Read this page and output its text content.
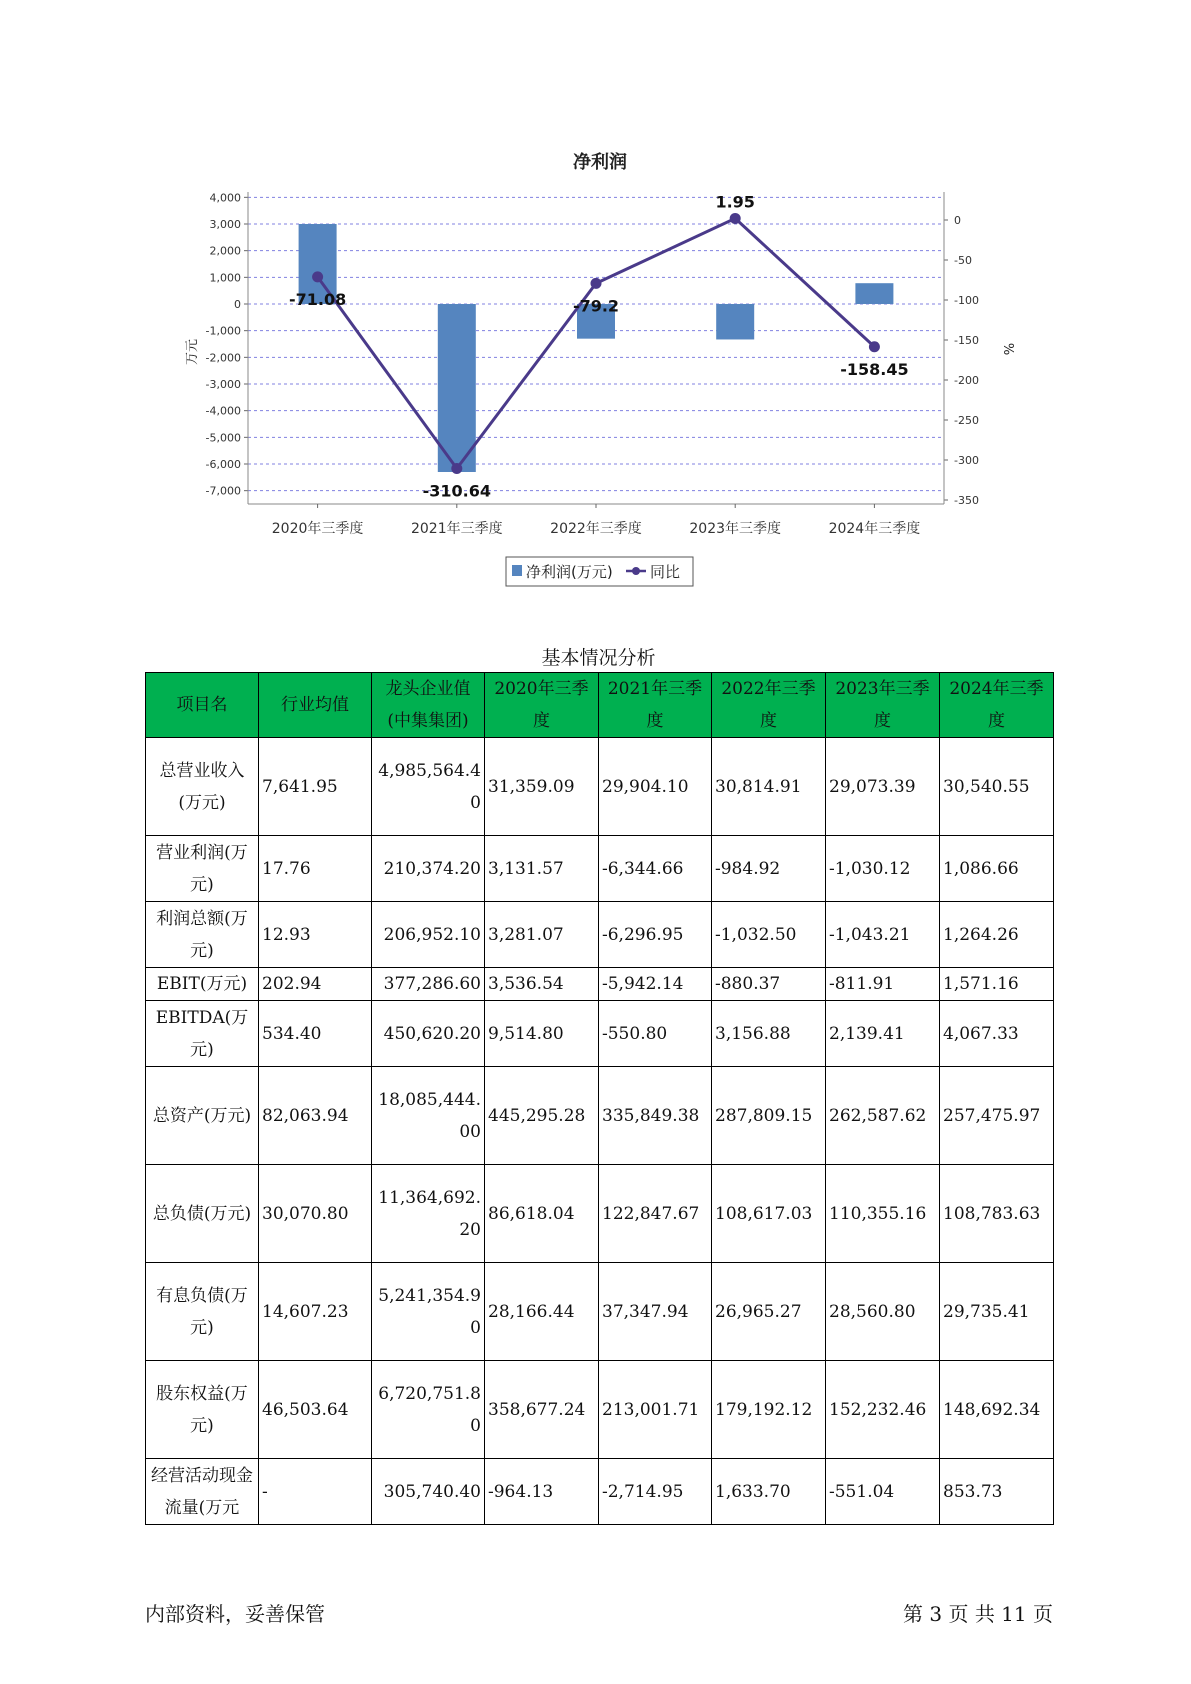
净利润
4,000
3,000
2,000
1,000
0
-1,000
-2,000
-3,000
-4,000
-5,000
-6,000
-7,000
0
-50
-100
-150
-200
-250
-300
-350
2020年三季度	2021年三季度	2022年三季度	2023年三季度	2024年三季度
-71.08
-310.64
-79.2
1.95
-158.45
万元	%
净利润(万元) 同比
基本情况分析
项目名	行业均值	龙头企业值(中集集团)	2020年三季度	2021年三季度	2022年三季度	2023年三季度	2024年三季度
总营业收入(万元)	7,641.95	4,985,564.40	31,359.09	29,904.10	30,814.91	29,073.39	30,540.55
营业利润(万元)	17.76	210,374.20	3,131.57	-6,344.66	-984.92	-1,030.12	1,086.66
利润总额(万元)	12.93	206,952.10	3,281.07	-6,296.95	-1,032.50	-1,043.21	1,264.26
EBIT(万元)	202.94	377,286.60	3,536.54	-5,942.14	-880.37	-811.91	1,571.16
EBITDA(万元)	534.40	450,620.20	9,514.80	-550.80	3,156.88	2,139.41	4,067.33
总资产(万元)	82,063.94	18,085,444.00	445,295.28	335,849.38	287,809.15	262,587.62	257,475.97
总负债(万元)	30,070.80	11,364,692.20	86,618.04	122,847.67	108,617.03	110,355.16	108,783.63
有息负债(万元)	14,607.23	5,241,354.90	28,166.44	37,347.94	26,965.27	28,560.80	29,735.41
股东权益(万元)	46,503.64	6,720,751.80	358,677.24	213,001.71	179,192.12	152,232.46	148,692.34
经营活动现金流量(万元	-	305,740.40	-964.13	-2,714.95	1,633.70	-551.04	853.73
内部资料，妥善保管	第 3 页 共 11 页
